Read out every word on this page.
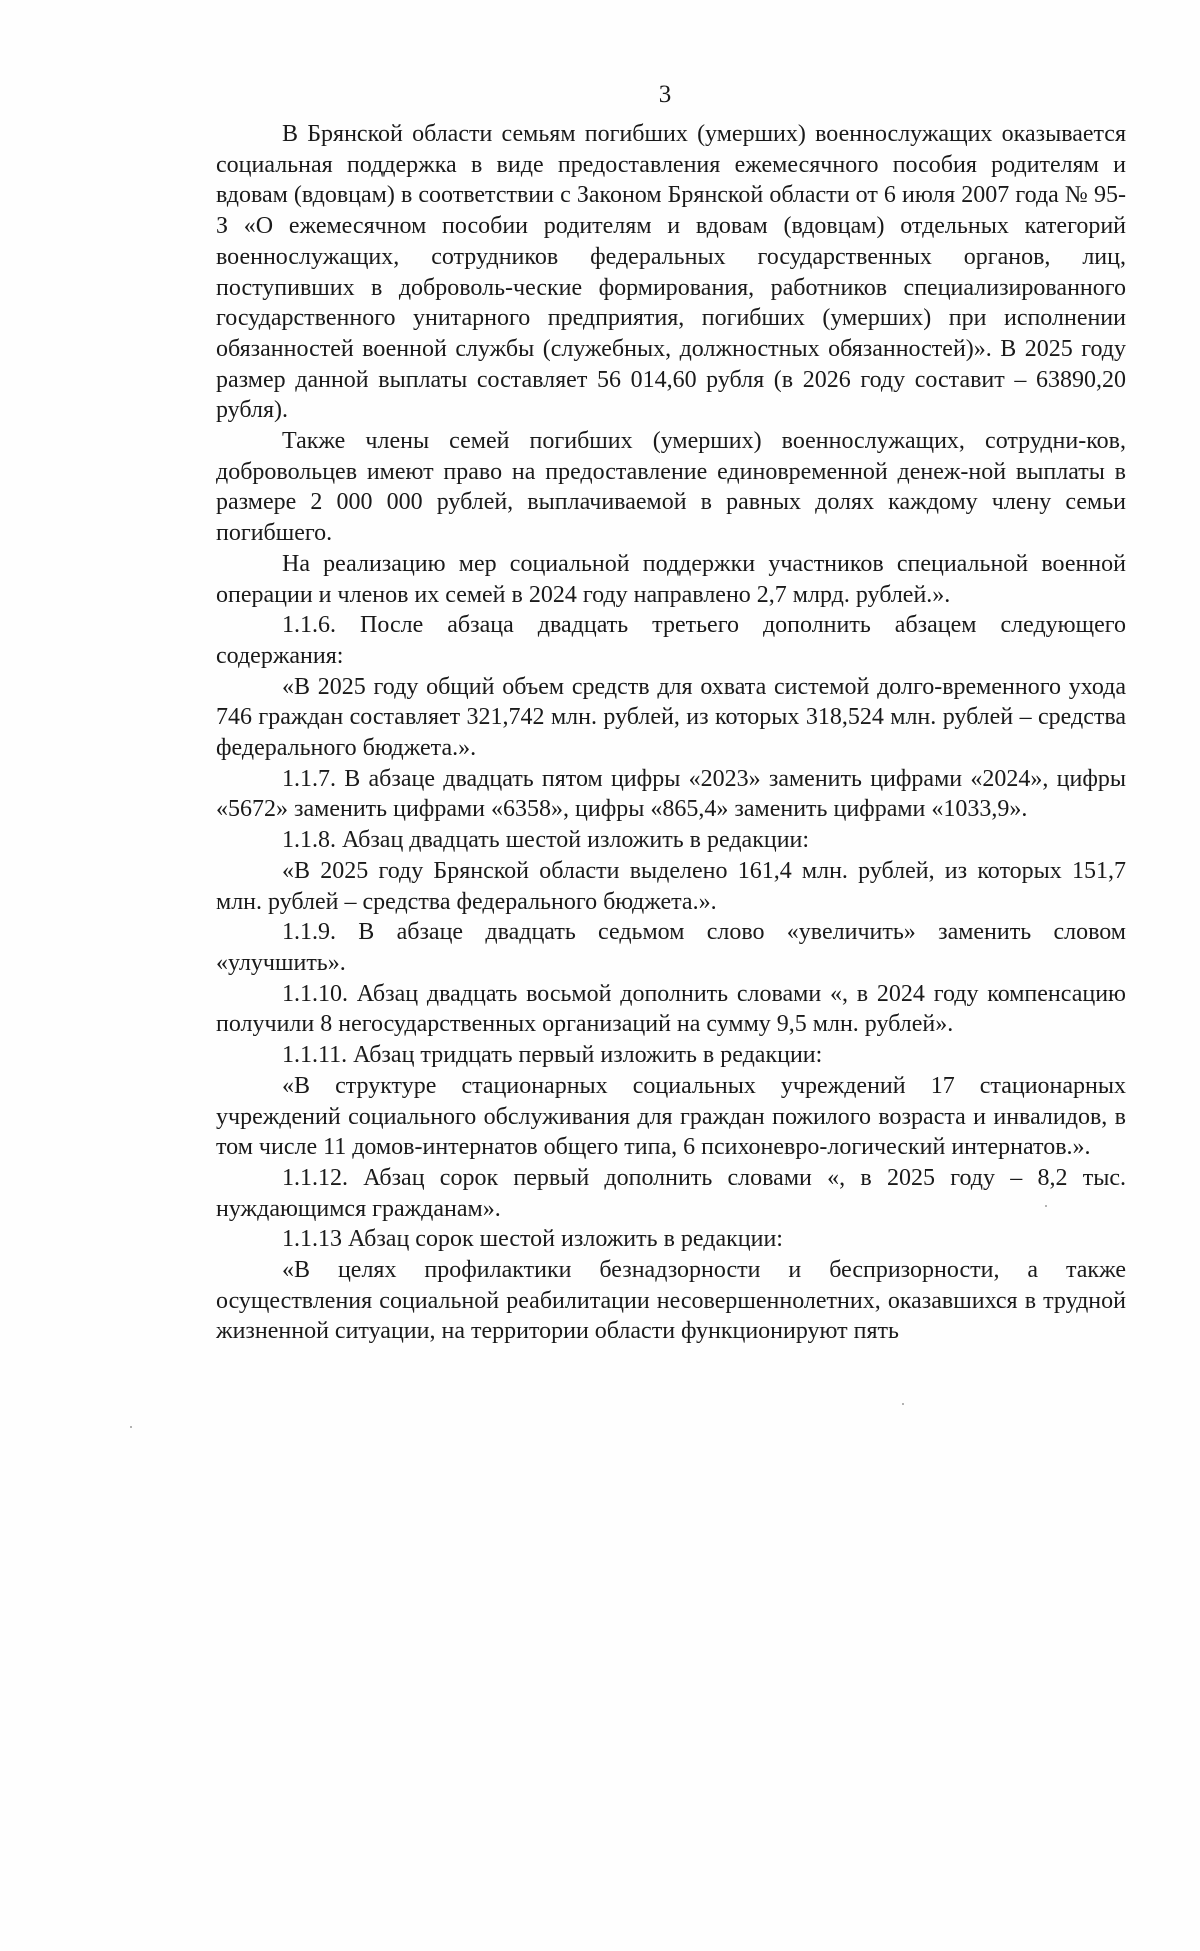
3

В Брянской области семьям погибших (умерших) военнослужащих оказывается социальная поддержка в виде предоставления ежемесячного пособия родителям и вдовам (вдовцам) в соответствии с Законом Брянской области от 6 июля 2007 года № 95-З «О ежемесячном пособии родителям и вдовам (вдовцам) отдельных категорий военнослужащих, сотрудников федеральных государственных органов, лиц, поступивших в доброволь-ческие формирования, работников специализированного государственного унитарного предприятия, погибших (умерших) при исполнении обязанностей военной службы (служебных, должностных обязанностей)». В 2025 году размер данной выплаты составляет 56 014,60 рубля (в 2026 году составит – 63890,20 рубля).

Также члены семей погибших (умерших) военнослужащих, сотрудни-ков, добровольцев имеют право на предоставление единовременной денеж-ной выплаты в размере 2 000 000 рублей, выплачиваемой в равных долях каждому члену семьи погибшего.

На реализацию мер социальной поддержки участников специальной военной операции и членов их семей в 2024 году направлено 2,7 млрд. рублей.».

1.1.6. После абзаца двадцать третьего дополнить абзацем следующего содержания:

«В 2025 году общий объем средств для охвата системой долго-временного ухода 746 граждан составляет 321,742 млн. рублей, из которых 318,524 млн. рублей – средства федерального бюджета.».

1.1.7. В абзаце двадцать пятом цифры «2023» заменить цифрами «2024», цифры «5672» заменить цифрами «6358», цифры «865,4» заменить цифрами «1033,9».

1.1.8. Абзац двадцать шестой изложить в редакции:

«В 2025 году Брянской области выделено 161,4 млн. рублей, из которых 151,7 млн. рублей – средства федерального бюджета.».

1.1.9. В абзаце двадцать седьмом слово «увеличить» заменить словом «улучшить».

1.1.10. Абзац двадцать восьмой дополнить словами «, в 2024 году компенсацию получили 8 негосударственных организаций на сумму 9,5 млн. рублей».

1.1.11. Абзац тридцать первый изложить в редакции:

«В структуре стационарных социальных учреждений 17 стационарных учреждений социального обслуживания для граждан пожилого возраста и инвалидов, в том числе 11 домов-интернатов общего типа, 6 психоневро-логический интернатов.».

1.1.12. Абзац сорок первый дополнить словами «, в 2025 году – 8,2 тыс. нуждающимся гражданам».

1.1.13 Абзац сорок шестой изложить в редакции:

«В целях профилактики безнадзорности и беспризорности, а также осуществления социальной реабилитации несовершеннолетних, оказавшихся в трудной жизненной ситуации, на территории области функционируют пять
